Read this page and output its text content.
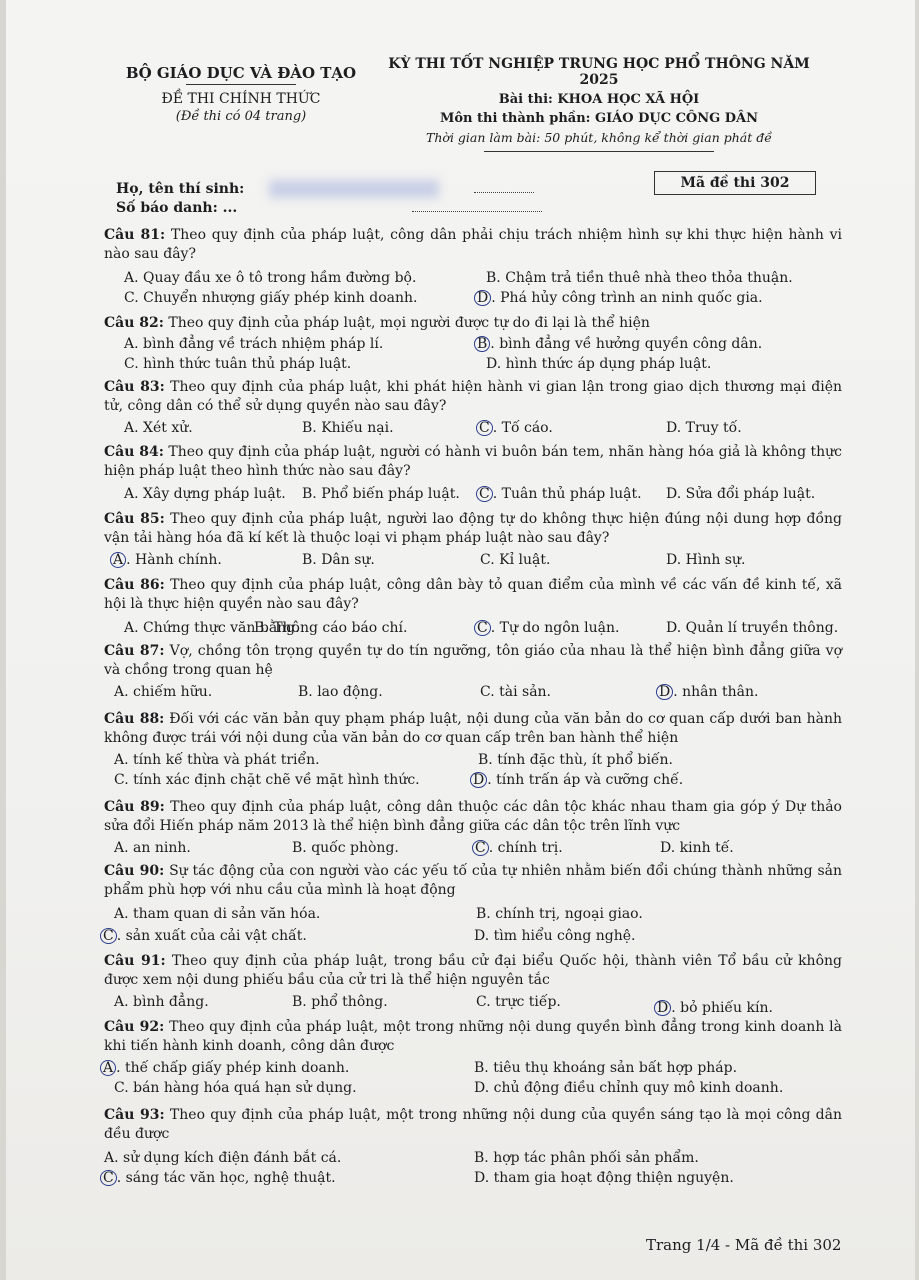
BỘ GIÁO DỤC VÀ ĐÀO TẠO
ĐỀ THI CHÍNH THỨC
(Đề thi có 04 trang)
KỲ THI TỐT NGHIỆP TRUNG HỌC PHỔ THÔNG NĂM 2025
Bài thi: KHOA HỌC XÃ HỘI
Môn thi thành phần: GIÁO DỤC CÔNG DÂN
Thời gian làm bài: 50 phút, không kể thời gian phát đề
Họ, tên thí sinh:
Số báo danh: ...
Mã đề thi 302
Câu 81: Theo quy định của pháp luật, công dân phải chịu trách nhiệm hình sự khi thực hiện hành vi nào sau đây?
A. Quay đầu xe ô tô trong hầm đường bộ.	B. Chậm trả tiền thuê nhà theo thỏa thuận.
C. Chuyển nhượng giấy phép kinh doanh.	D . Phá hủy công trình an ninh quốc gia.
Câu 82: Theo quy định của pháp luật, mọi người được tự do đi lại là thể hiện
A. bình đẳng về trách nhiệm pháp lí.	B . bình đẳng về hưởng quyền công dân.
C. hình thức tuân thủ pháp luật.	D. hình thức áp dụng pháp luật.
Câu 83: Theo quy định của pháp luật, khi phát hiện hành vi gian lận trong giao dịch thương mại điện tử, công dân có thể sử dụng quyền nào sau đây?
A. Xét xử.	B. Khiếu nại.	C . Tố cáo.	D. Truy tố.
Câu 84: Theo quy định của pháp luật, người có hành vi buôn bán tem, nhãn hàng hóa giả là không thực hiện pháp luật theo hình thức nào sau đây?
A. Xây dựng pháp luật. B. Phổ biến pháp luật. C . Tuân thủ pháp luật. D. Sửa đổi pháp luật.
Câu 85: Theo quy định của pháp luật, người lao động tự do không thực hiện đúng nội dung hợp đồng vận tải hàng hóa đã kí kết là thuộc loại vi phạm pháp luật nào sau đây?
A . Hành chính.	B. Dân sự.	C. Kỉ luật.	D. Hình sự.
Câu 86: Theo quy định của pháp luật, công dân bày tỏ quan điểm của mình về các vấn đề kinh tế, xã hội là thực hiện quyền nào sau đây?
A. Chứng thực văn bằng.
B. Thông cáo báo chí.	C . Tự do ngôn luận.	D. Quản lí truyền thông.
Câu 87: Vợ, chồng tôn trọng quyền tự do tín ngưỡng, tôn giáo của nhau là thể hiện bình đẳng giữa vợ và chồng trong quan hệ
A. chiếm hữu.	B. lao động.	C. tài sản.	D . nhân thân.
Câu 88: Đối với các văn bản quy phạm pháp luật, nội dung của văn bản do cơ quan cấp dưới ban hành không được trái với nội dung của văn bản do cơ quan cấp trên ban hành thể hiện
A. tính kế thừa và phát triển.	B. tính đặc thù, ít phổ biến.
C. tính xác định chặt chẽ về mặt hình thức.	D . tính trấn áp và cưỡng chế.
Câu 89: Theo quy định của pháp luật, công dân thuộc các dân tộc khác nhau tham gia góp ý Dự thảo sửa đổi Hiến pháp năm 2013 là thể hiện bình đẳng giữa các dân tộc trên lĩnh vực
A. an ninh.	B. quốc phòng.	C . chính trị.	D. kinh tế.
Câu 90: Sự tác động của con người vào các yếu tố của tự nhiên nhằm biến đổi chúng thành những sản phẩm phù hợp với nhu cầu của mình là hoạt động
A. tham quan di sản văn hóa.	B. chính trị, ngoại giao.
C . sản xuất của cải vật chất.	D. tìm hiểu công nghệ.
Câu 91: Theo quy định của pháp luật, trong bầu cử đại biểu Quốc hội, thành viên Tổ bầu cử không được xem nội dung phiếu bầu của cử tri là thể hiện nguyên tắc
A. bình đẳng.	B. phổ thông.	C. trực tiếp.	D . bỏ phiếu kín.
Câu 92: Theo quy định của pháp luật, một trong những nội dung quyền bình đẳng trong kinh doanh là khi tiến hành kinh doanh, công dân được
A . thế chấp giấy phép kinh doanh.	B. tiêu thụ khoáng sản bất hợp pháp.
C. bán hàng hóa quá hạn sử dụng.	D. chủ động điều chỉnh quy mô kinh doanh.
Câu 93: Theo quy định của pháp luật, một trong những nội dung của quyền sáng tạo là mọi công dân đều được
A. sử dụng kích điện đánh bắt cá.	B. hợp tác phân phối sản phẩm.
C . sáng tác văn học, nghệ thuật.	D. tham gia hoạt động thiện nguyện.
Trang 1/4 - Mã đề thi 302
